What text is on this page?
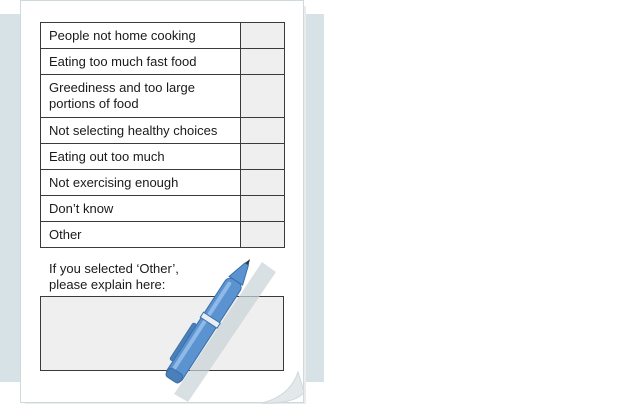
People not home cooking	
Eating too much fast food	
Greediness and too large portions of food	
Not selecting healthy choices	
Eating out too much	
Not exercising enough	
Don’t know	
Other	
If you selected ‘Other’,
please explain here:
